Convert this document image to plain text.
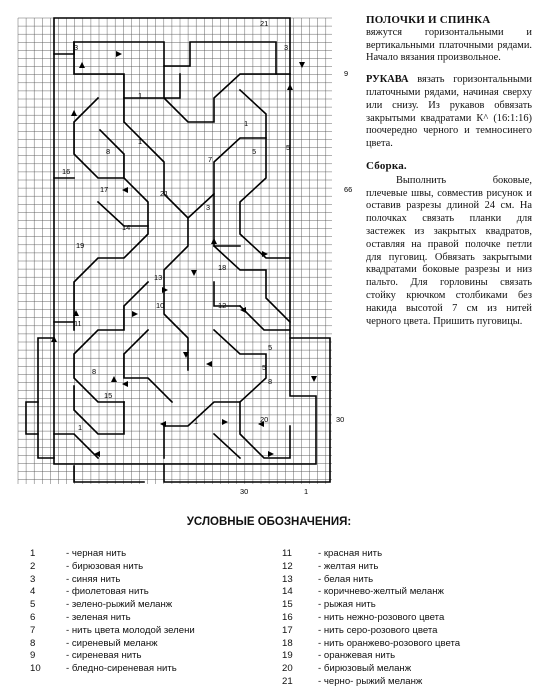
3
21
3
9
1
1
1
5	5
8
16
7
17	21	66
14
3
19
18
13
10	12
11
5
8	5
15
1
1	20	30
30	1
8
ПОЛОЧКИ И СПИНКА

вяжутся горизонтальными и вертикальными платочными рядами. Начало вязания произвольное.

РУКАВА вязать горизонтальными платочными рядами, начиная сверху или снизу. Из рукавов обвязать закрытыми квадратами К^ (16:1:16) поочередно черного и темносинего цвета.

Сборка.

Выполнить боковые, плечевые швы, совместив рисунок и оставив разрезы длиной 24 см. На полочках связать планки для застежек из закрытых квадратов, оставляя на правой полочке петли для пуговиц. Обвязать закрытыми квадратами боковые разрезы и низ пальто. Для горловины связать стойку крючком столбиками без накида высотой 7 см из нитей черного цвета. Пришить пуговицы.

УСЛОВНЫЕ ОБОЗНАЧЕНИЯ:
1	- черная нить
2	- бирюзовая нить
3	- синяя нить
4	- фиолетовая нить
5	- зелено-рыжий меланж
6	- зеленая нить
7	- нить цвета молодой зелени
8	- сиреневый меланж
9	- сиреневая нить
10	- бледно-сиреневая нить
11	- красная нить
12	- желтая нить
13	- белая нить
14	- коричнево-желтый меланж
15	- рыжая нить
16	- нить нежно-розового цвета
17	- нить серо-розового цвета
18	- нить оранжево-розового цвета
19	- оранжевая нить
20	- бирюзовый меланж
21	- черно- рыжий меланж
